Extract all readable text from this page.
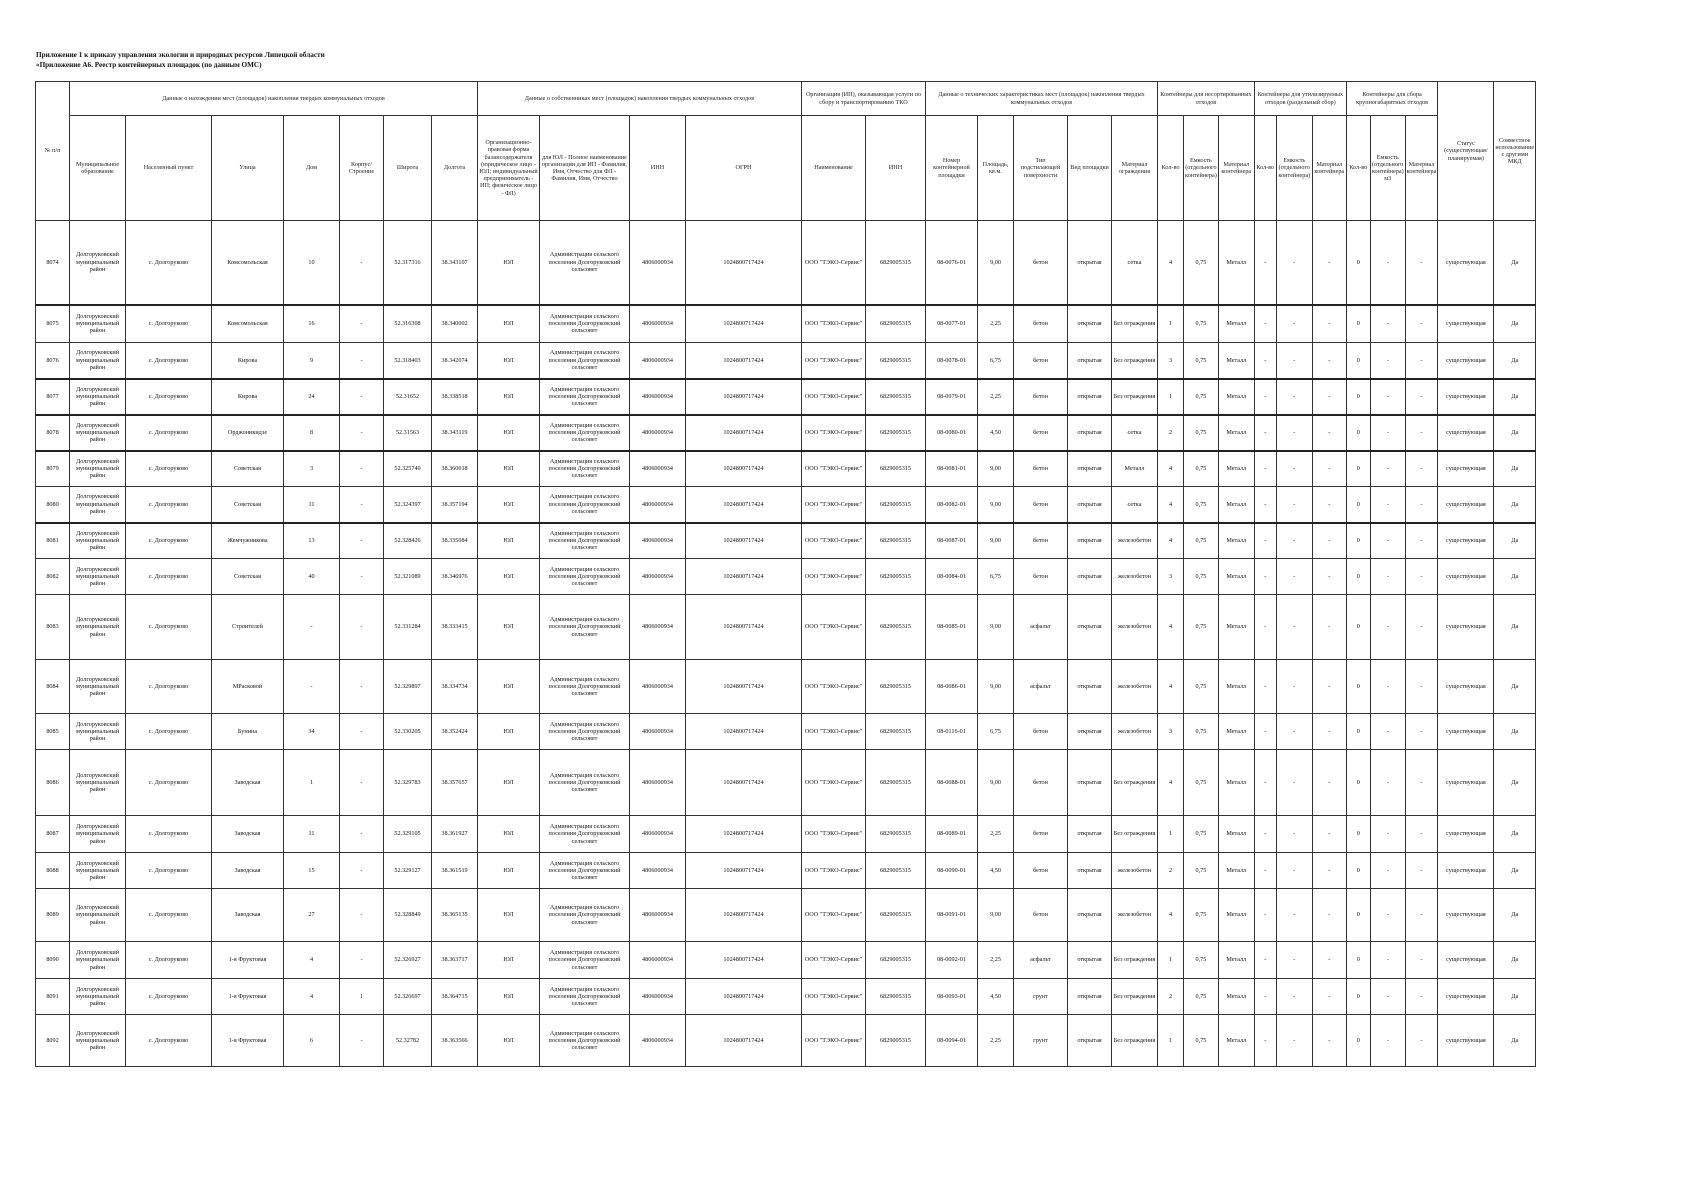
Приложение 1 к приказу управления экологии и природных ресурсов Липецкой области
«Приложение А6. Реестр контейнерных площадок (по данным ОМС)
№ п/п	Данные о нахождении мест (площадок) накопления твердых коммунальных отходов							Данные о собственниках мест (площадок) накопления твердых коммунальных отходов				Организация (ИП), оказывающая услуги по сбору и транспортированию ТКО		Данные о технических характеристиках мест (площадок) накопления твердых коммунальных отходов					Контейнеры для несортированных отходов			Контейнеры для утилизируемых отходов (раздельный сбор)			Контейнеры для сбора крупногабаритных отходов			Статус (существующая/планируемая)	Совместное использование с другими МКД
	Муниципальное образование	Населенный пункт	Улица	Дом	Корпус/Строение	Широта	Долгота	Организационно-правовая форма балансодержателя (юридическое лицо - ЮЛ; индивидуальный предприниматель - ИП; физическое лицо - ФЛ)	для ЮЛ - Полное наименование организации для ИП - Фамилия, Имя, Отчество для ФЛ - Фамилия, Имя, Отчество	ИНН	ОГРН	Наименование	ИНН	Номер контейнерной площадки	Площадь, кв.м.	Тип подстилающей поверхности	Вид площадки	Материал ограждения	Кол-во	Емкость (отдельного контейнера)	Материал контейнера	Кол-во	Емкость (отдельного контейнера)	Материал контейнера	Кол-во	Емкость (отдельного контейнера) м3	Материал контейнера		
8074	Долгоруковский муниципальный район	с. Долгоруково	Комсомольская	10	-	52.317316	38.343107	ЮЛ	Администрация сельского поселения Долгоруковский сельсовет	4806000934	1024800717424	ООО "ТЭКО-Сервис"	6829005315	08-0076-01	9,00	бетон	открытая	сетка	4	0,75	Металл	-	-	-	0	-	-	существующая	Да
8075	Долгоруковский муниципальный район	с. Долгоруково	Комсомольская	16	-	52.316308	38.340002	ЮЛ	Администрация сельского поселения Долгоруковский сельсовет	4806000934	1024800717424	ООО "ТЭКО-Сервис"	6829005315	08-0077-01	2,25	бетон	открытая	Без ограждения	1	0,75	Металл	-	-	-	0	-	-	существующая	Да
8076	Долгоруковский муниципальный район	с. Долгоруково	Кирова	9	-	52.318403	38.342074	ЮЛ	Администрация сельского поселения Долгоруковский сельсовет	4806000934	1024800717424	ООО "ТЭКО-Сервис"	6829005315	08-0078-01	6,75	бетон	открытая	Без ограждения	3	0,75	Металл	-	-	-	0	-	-	существующая	Да
8077	Долгоруковский муниципальный район	с. Долгоруково	Кирова	24	-	52.31652	38.338518	ЮЛ	Администрация сельского поселения Долгоруковский сельсовет	4806000934	1024800717424	ООО "ТЭКО-Сервис"	6829005315	08-0079-01	2,25	бетон	открытая	Без ограждения	1	0,75	Металл	-	-	-	0	-	-	существующая	Да
8078	Долгоруковский муниципальный район	с. Долгоруково	Орджоникидзе	8	-	52.31563	38.343119	ЮЛ	Администрация сельского поселения Долгоруковский сельсовет	4806000934	1024800717424	ООО "ТЭКО-Сервис"	6829005315	08-0080-01	4,50	бетон	открытая	сетка	2	0,75	Металл	-	-	-	0	-	-	существующая	Да
8079	Долгоруковский муниципальный район	с. Долгоруково	Советская	3	-	52.325749	38.360018	ЮЛ	Администрация сельского поселения Долгоруковский сельсовет	4806000934	1024800717424	ООО "ТЭКО-Сервис"	6829005315	08-0081-01	9,00	бетон	открытая	Металл	4	0,75	Металл	-	-	-	0	-	-	существующая	Да
8080	Долгоруковский муниципальный район	с. Долгоруково	Советская	11	-	52.324397	38.357194	ЮЛ	Администрация сельского поселения Долгоруковский сельсовет	4806000934	1024800717424	ООО "ТЭКО-Сервис"	6829005315	08-0082-01	9,00	бетон	открытая	сетка	4	0,75	Металл	-	-	-	0	-	-	существующая	Да
8081	Долгоруковский муниципальный район	с. Долгоруково	Жемчужникова	13	-	52.328426	38.335084	ЮЛ	Администрация сельского поселения Долгоруковский сельсовет	4806000934	1024800717424	ООО "ТЭКО-Сервис"	6829005315	08-0087-01	9,00	бетон	открытая	железобетон	4	0,75	Металл	-	-	-	0	-	-	существующая	Да
8082	Долгоруковский муниципальный район	с. Долгоруково	Советская	40	-	52.321089	38.346976	ЮЛ	Администрация сельского поселения Долгоруковский сельсовет	4806000934	1024800717424	ООО "ТЭКО-Сервис"	6829005315	08-0084-01	6,75	бетон	открытая	железобетон	3	0,75	Металл	-	-	-	0	-	-	существующая	Да
8083	Долгоруковский муниципальный район	с. Долгоруково	Строителей	-	-	52.331284	38.333415	ЮЛ	Администрация сельского поселения Долгоруковский сельсовет	4806000934	1024800717424	ООО "ТЭКО-Сервис"	6829005315	08-0085-01	9,00	асфальт	открытая	железобетон	4	0,75	Металл	-	-	-	0	-	-	существующая	Да
8084	Долгоруковский муниципальный район	с. Долгоруково	МРасковой	-	-	52.329897	38.334734	ЮЛ	Администрация сельского поселения Долгоруковский сельсовет	4806000934	1024800717424	ООО "ТЭКО-Сервис"	6829005315	08-0086-01	9,00	асфальт	открытая	железобетон	4	0,75	Металл	-	-	-	0	-	-	существующая	Да
8085	Долгоруковский муниципальный район	с. Долгоруково	Бунина	34	-	52.330205	38.352424	ЮЛ	Администрация сельского поселения Долгоруковский сельсовет	4806000934	1024800717424	ООО "ТЭКО-Сервис"	6829005315	08-0116-01	6,75	бетон	открытая	железобетон	3	0,75	Металл	-	-	-	0	-	-	существующая	Да
8086	Долгоруковский муниципальный район	с. Долгоруково	Заводская	1	-	52.329783	38.357657	ЮЛ	Администрация сельского поселения Долгоруковский сельсовет	4806000934	1024800717424	ООО "ТЭКО-Сервис"	6829005315	08-0088-01	9,00	бетон	открытая	Без ограждения	4	0,75	Металл	-	-	-	0	-	-	существующая	Да
8087	Долгоруковский муниципальный район	с. Долгоруково	Заводская	11	-	52.329105	38.361927	ЮЛ	Администрация сельского поселения Долгоруковский сельсовет	4806000934	1024800717424	ООО "ТЭКО-Сервис"	6829005315	08-0089-01	2,25	бетон	открытая	Без ограждения	1	0,75	Металл	-	-	-	0	-	-	существующая	Да
8088	Долгоруковский муниципальный район	с. Долгоруково	Заводская	15	-	52.329127	38.361519	ЮЛ	Администрация сельского поселения Долгоруковский сельсовет	4806000934	1024800717424	ООО "ТЭКО-Сервис"	6829005315	08-0090-01	4,50	бетон	открытая	железобетон	2	0,75	Металл	-	-	-	0	-	-	существующая	Да
8089	Долгоруковский муниципальный район	с. Долгоруково	Заводская	27	-	52.328849	38.365135	ЮЛ	Администрация сельского поселения Долгоруковский сельсовет	4806000934	1024800717424	ООО "ТЭКО-Сервис"	6829005315	08-0091-01	9,00	бетон	открытая	железобетон	4	0,75	Металл	-	-	-	0	-	-	существующая	Да
8090	Долгоруковский муниципальный район	с. Долгоруково	1-я Фруктовая	4	-	52.326927	38.363717	ЮЛ	Администрация сельского поселения Долгоруковский сельсовет	4806000934	1024800717424	ООО "ТЭКО-Сервис"	6829005315	08-0092-01	2,25	асфальт	открытая	Без ограждения	1	0,75	Металл	-	-	-	0	-	-	существующая	Да
8091	Долгоруковский муниципальный район	с. Долгоруково	1-я Фруктовая	4	1	52.326697	38.364715	ЮЛ	Администрация сельского поселения Долгоруковский сельсовет	4806000934	1024800717424	ООО "ТЭКО-Сервис"	6829005315	08-0093-01	4,50	грунт	открытая	Без ограждения	2	0,75	Металл	-	-	-	0	-	-	существующая	Да
8092	Долгоруковский муниципальный район	с. Долгоруково	1-я Фруктовая	6	-	52.32782	38.363566	ЮЛ	Администрация сельского поселения Долгоруковский сельсовет	4806000934	1024800717424	ООО "ТЭКО-Сервис"	6829005315	08-0094-01	2,25	грунт	открытая	Без ограждения	1	0,75	Металл	-	-	-	0	-	-	существующая	Да
